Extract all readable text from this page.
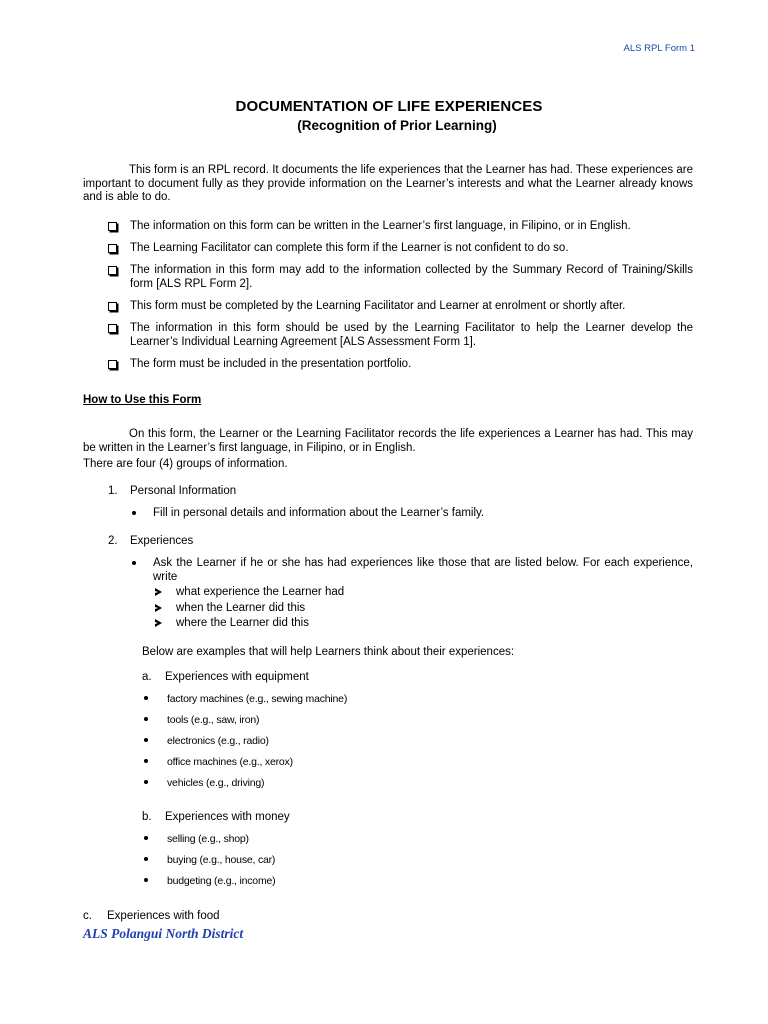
ALS RPL Form 1
DOCUMENTATION OF LIFE EXPERIENCES
(Recognition of Prior Learning)
This form is an RPL record. It documents the life experiences that the Learner has had. These experiences are important to document fully as they provide information on the Learner’s interests and what the Learner already knows and is able to do.
The information on this form can be written in the Learner’s first language, in Filipino, or in English.
The Learning Facilitator can complete this form if the Learner is not confident to do so.
The information in this form may add to the information collected by the Summary Record of Training/Skills form [ALS RPL Form 2].
This form must be completed by the Learning Facilitator and Learner at enrolment or shortly after.
The information in this form should be used by the Learning Facilitator to help the Learner develop the Learner’s Individual Learning Agreement [ALS Assessment Form 1].
The form must be included in the presentation portfolio.
How to Use this Form
On this form, the Learner or the Learning Facilitator records the life experiences a Learner has had. This may be written in the Learner’s first language, in Filipino, or in English.
There are four (4) groups of information.
1. Personal Information
Fill in personal details and information about the Learner’s family.
2. Experiences
Ask the Learner if he or she has had experiences like those that are listed below. For each experience, write
what experience the Learner had
when the Learner did this
where the Learner did this
Below are examples that will help Learners think about their experiences:
a. Experiences with equipment
factory machines (e.g., sewing machine)
tools (e.g., saw, iron)
electronics (e.g., radio)
office machines (e.g., xerox)
vehicles (e.g., driving)
b. Experiences with money
selling (e.g., shop)
buying (e.g., house, car)
budgeting (e.g., income)
c. Experiences with food
ALS Polangui North District
